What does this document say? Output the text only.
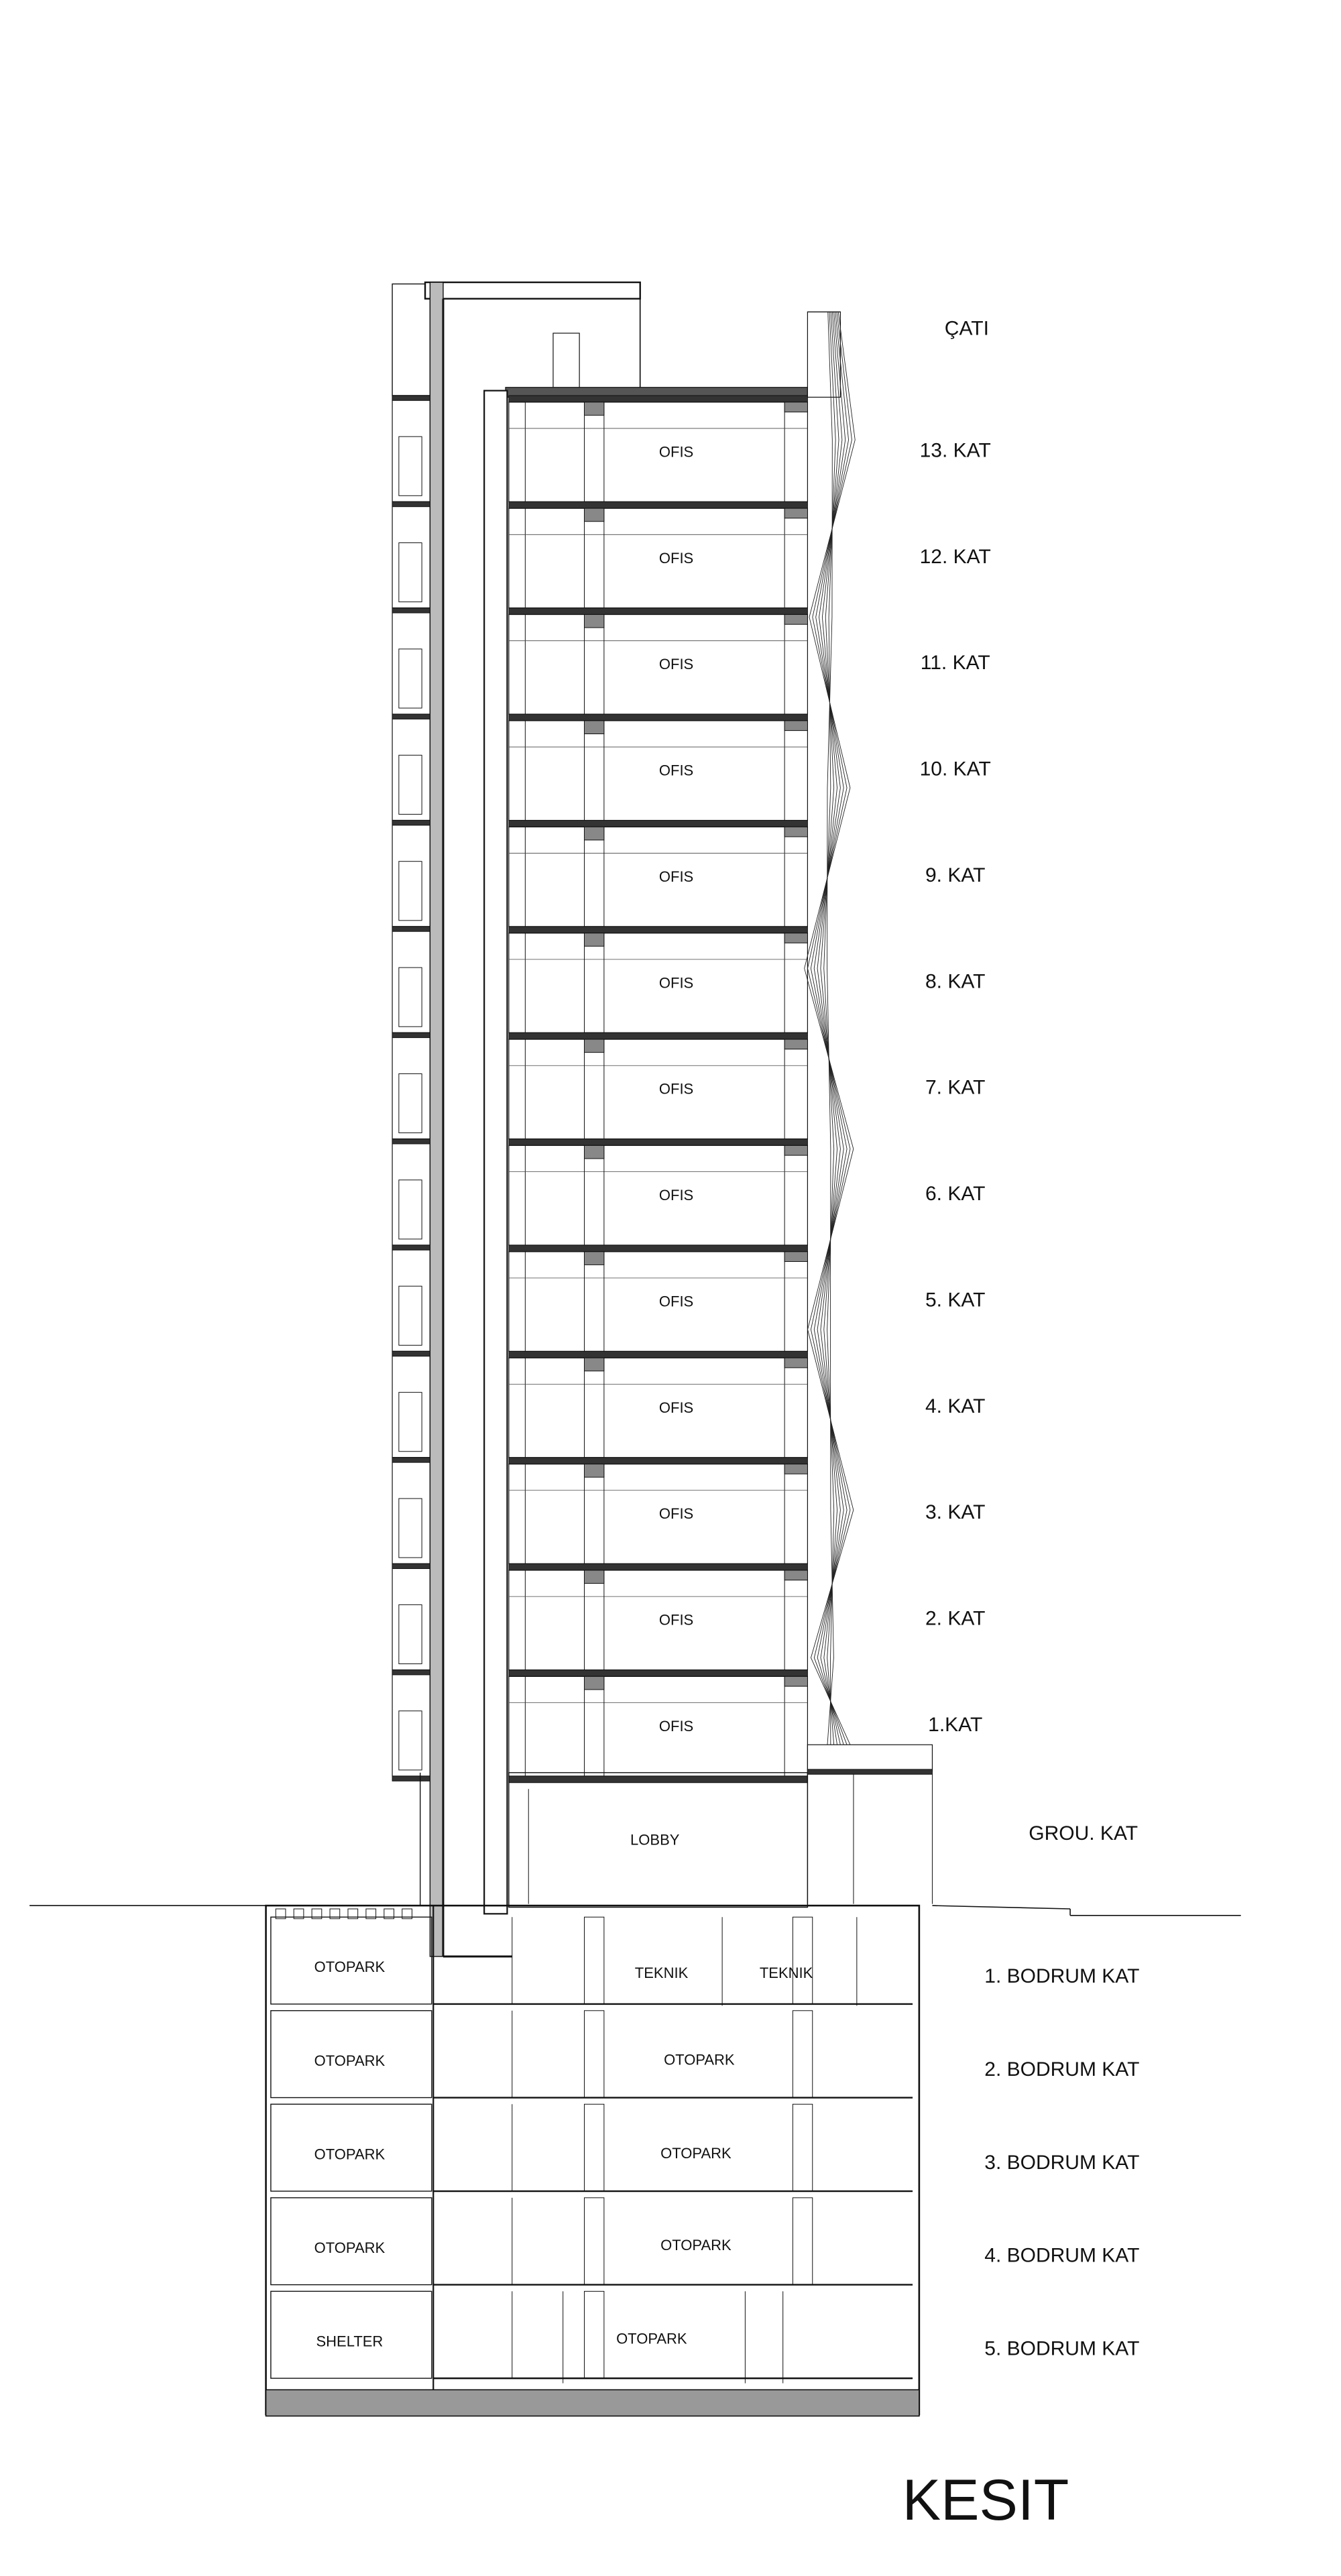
ÇATI
13. KAT
12. KAT
11. KAT
10. KAT
9. KAT
8. KAT
7. KAT
6. KAT
5. KAT
4. KAT
3. KAT
2. KAT
1.KAT
GROU. KAT
1. BODRUM KAT
2. BODRUM KAT
3. BODRUM KAT
4. BODRUM KAT
5. BODRUM KAT
OFIS
OFIS
OFIS
OFIS
OFIS
OFIS
OFIS
OFIS
OFIS
OFIS
OFIS
OFIS
OFIS
LOBBY
OTOPARK
OTOPARK
OTOPARK
OTOPARK
SHELTER
TEKNIK	TEKNIK
OTOPARK
OTOPARK
OTOPARK
OTOPARK
KESIT
